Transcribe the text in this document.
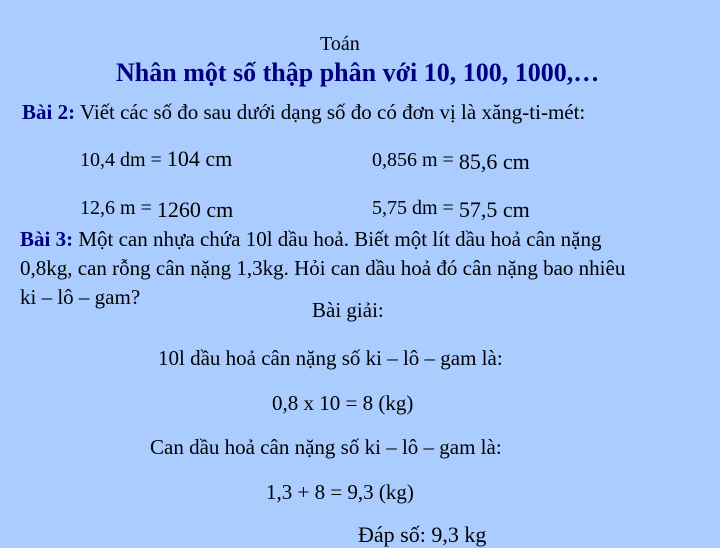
Toán
Nhân một số thập phân với 10, 100, 1000,…
Bài 2: Viết các số đo sau dưới dạng số đo có đơn vị là xăng-ti-mét:
10,4 dm = 104 cm	0,856 m = 85,6 cm
12,6 m = 1260 cm	5,75 dm = 57,5 cm
Bài 3: Một can nhựa chứa 10l dầu hoả. Biết một lít dầu hoả cân nặng
0,8kg, can rỗng cân nặng 1,3kg. Hỏi can dầu hoả đó cân nặng bao nhiêu
ki – lô – gam?
Bài giải:
10l dầu hoả cân nặng số ki – lô – gam là:
0,8 x 10 = 8 (kg)
Can dầu hoả cân nặng số ki – lô – gam là:
1,3 + 8 = 9,3 (kg)
Đáp số: 9,3 kg
